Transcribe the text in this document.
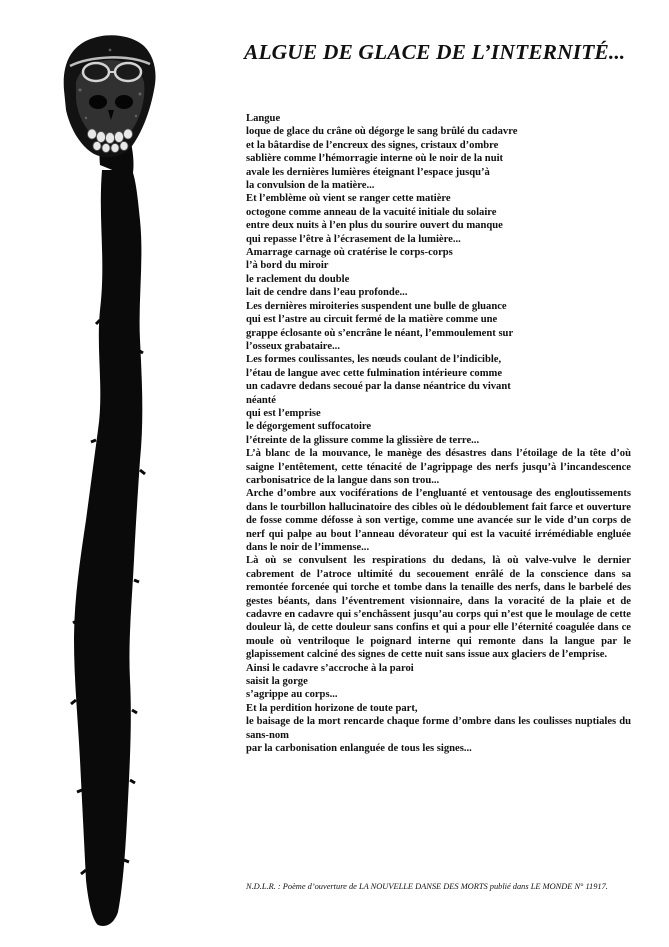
ALGUE DE GLACE DE L’INTERNITÉ...
Langue
loque de glace du crâne où dégorge le sang brûlé du cadavre
et la bâtardise de l’encreux des signes, cristaux d’ombre
sablière comme l’hémorragie interne où le noir de la nuit
avale les dernières lumières éteignant l’espace jusqu’à
la convulsion de la matière...
Et l’emblème où vient se ranger cette matière
octogone comme anneau de la vacuité initiale du solaire
entre deux nuits à l’en plus du sourire ouvert du manque
qui repasse l’être à l’écrasement de la lumière...
Amarrage carnage où cratérise le corps-corps
l’à bord du miroir
le raclement du double
lait de cendre dans l’eau profonde...
Les dernières miroiteries suspendent une bulle de gluance
qui est l’astre au circuit fermé de la matière comme une
grappe éclosante où s’encrâne le néant, l’emmoulement sur
l’osseux grabataire...
Les formes coulissantes, les nœuds coulant de l’indicible,
l’étau de langue avec cette fulmination intérieure comme
un cadavre dedans secoué par la danse néantrice du vivant
néanté
qui est l’emprise
le dégorgement suffocatoire
l’étreinte de la glissure comme la glissière de terre...
L’à blanc de la mouvance, le manège des désastres dans l’étoilage de la tête d’où saigne l’entêtement, cette ténacité de l’agrippage des nerfs jusqu’à l’incandescence carbonisatrice de la langue dans son trou...
Arche d’ombre aux vociférations de l’engluanté et ventousage des engloutissements dans le tourbillon hallucinatoire des cibles où le dédoublement fait farce et ouverture de fosse comme défosse à son vertige, comme une avancée sur le vide d’un corps de nerf qui palpe au bout l’anneau dévorateur qui est la vacuité irrémédiable engluée dans le noir de l’immense...
Là où se convulsent les respirations du dedans, là où valve-vulve le dernier cabrement de l’atroce ultimité du secouement enrâlé de la conscience dans sa remontée forcenée qui torche et tombe dans la tenaille des nerfs, dans le barbelé des gestes béants, dans l’éventrement visionnaire, dans la voracité de la plaie et de cadavre en cadavre qui s’enchâssent jusqu’au corps qui n’est que le moulage de cette douleur là, de cette douleur sans confins et qui a pour elle l’éternité coagulée dans ce moule où ventriloque le poignard interne qui remonte dans la langue par le glapissement calciné des signes de cette nuit sans issue aux glaciers de l’emprise.
Ainsi le cadavre s’accroche à la paroi
saisit la gorge
s’agrippe au corps...
Et la perdition horizone de toute part,
le baisage de la mort rencarde chaque forme d’ombre dans les coulisses nuptiales du sans-nom
par la carbonisation enlanguée de tous les signes...
N.D.L.R. : Poème d’ouverture de LA NOUVELLE DANSE DES MORTS publié dans LE MONDE N° 11917.
